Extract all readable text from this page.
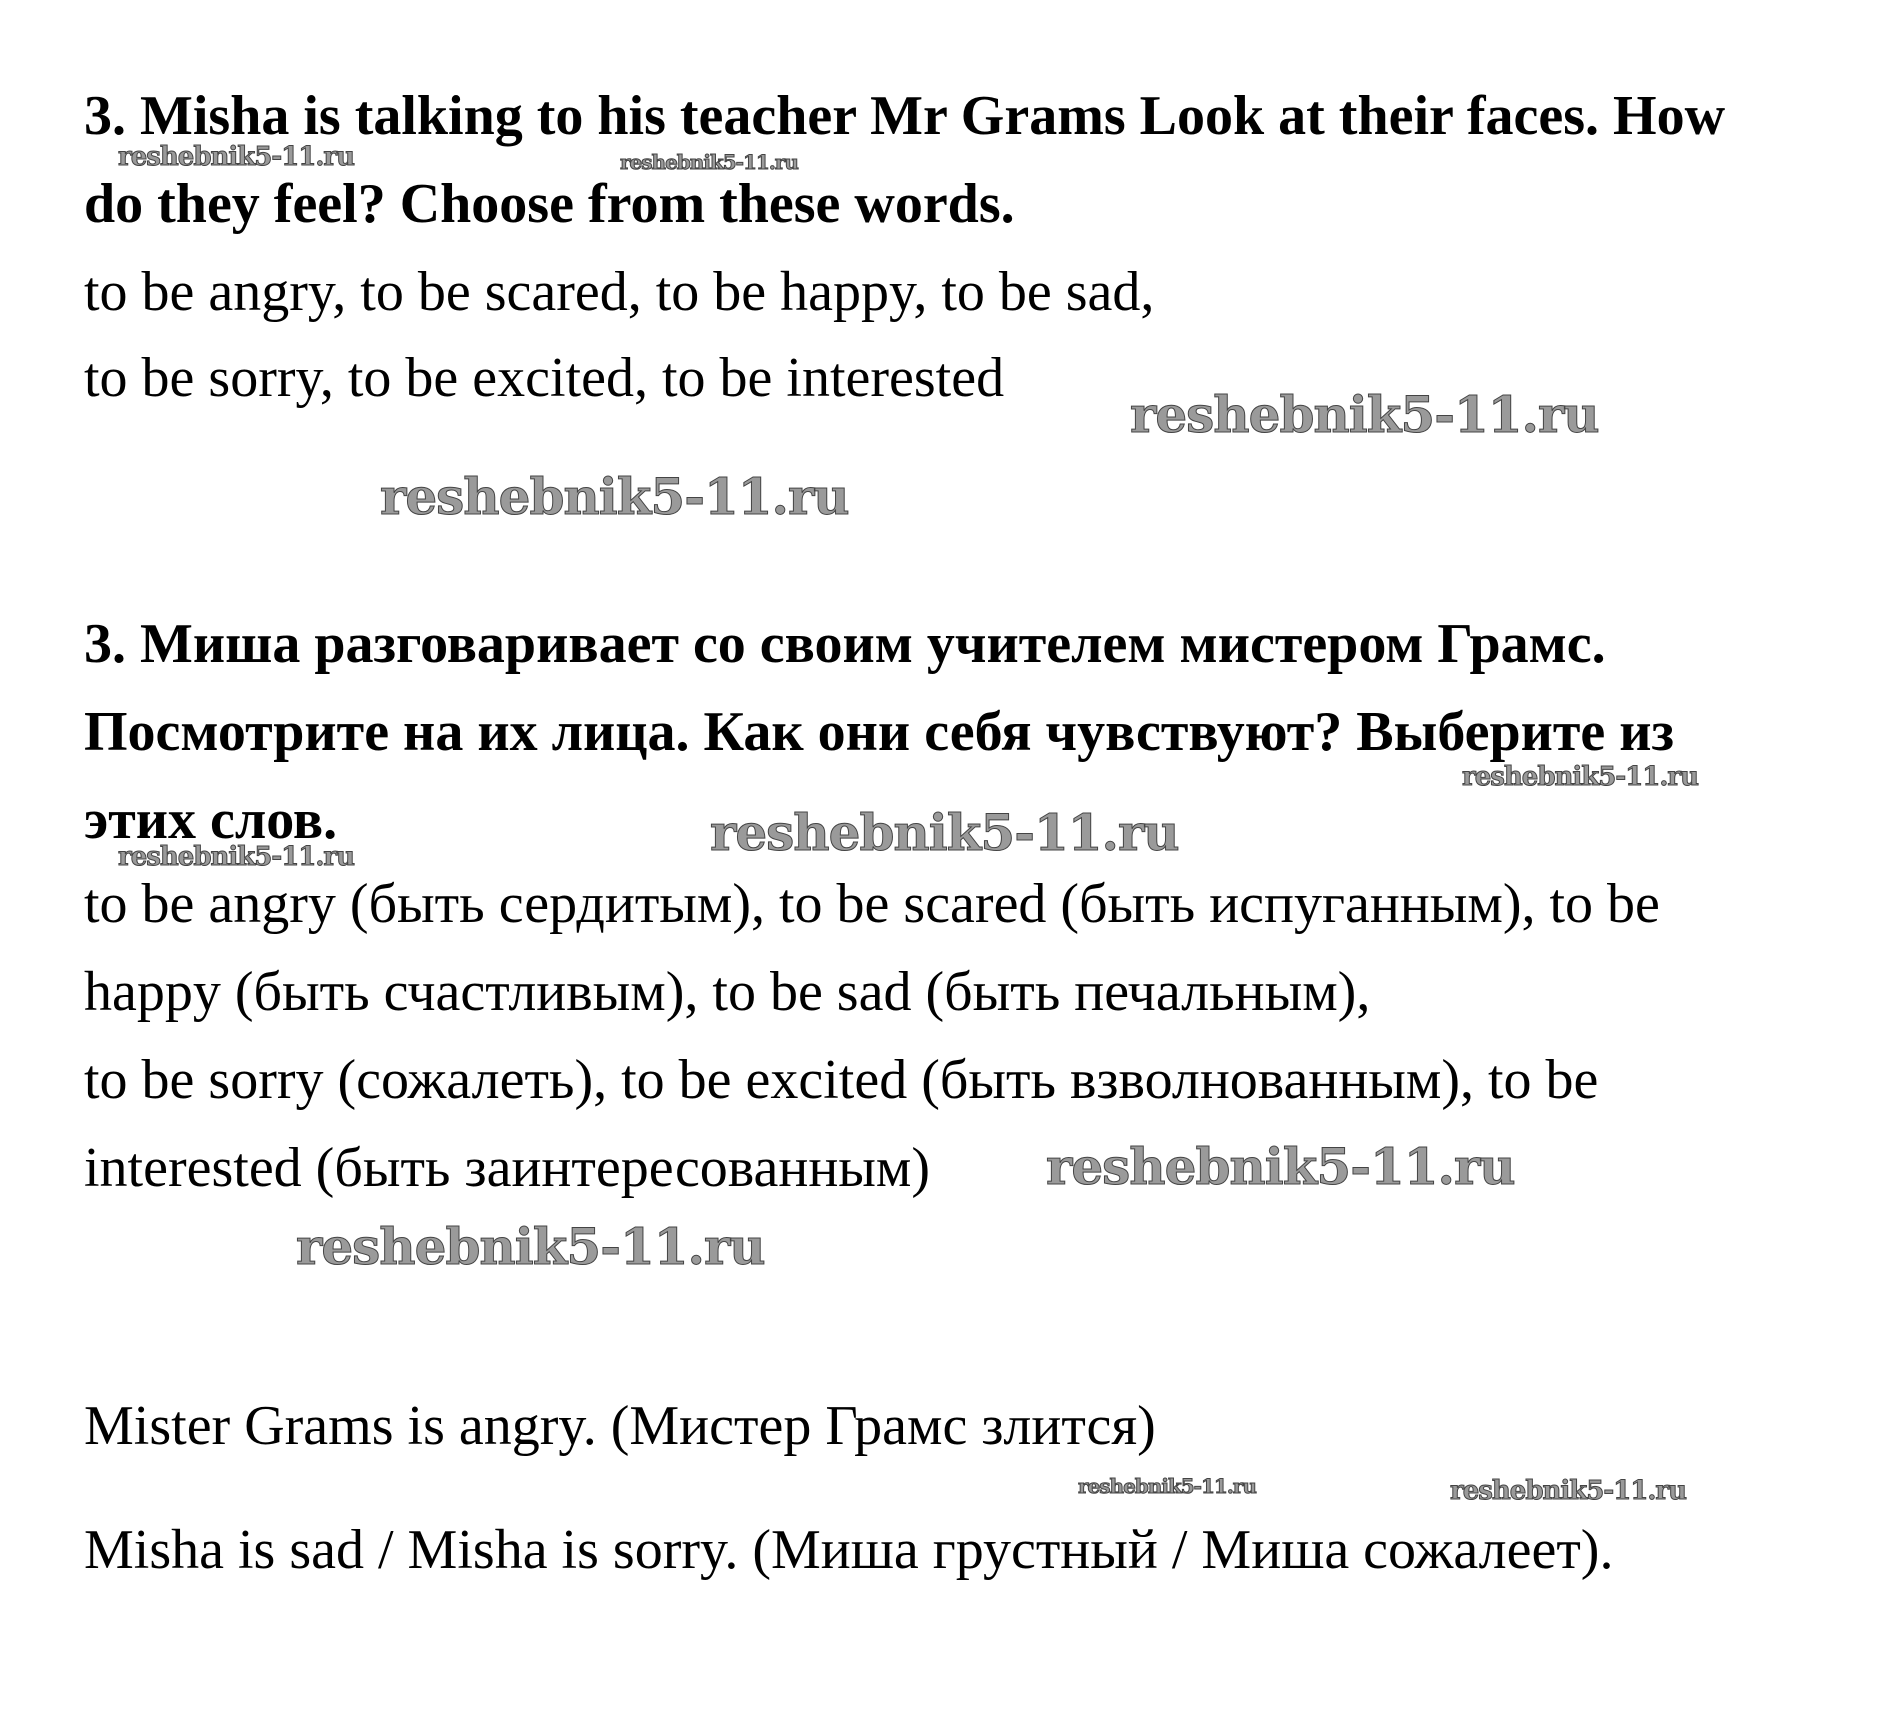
3. Misha is talking to his teacher Mr Grams Look at their faces. How
do they feel? Choose from these words.
to be angry, to be scared, to be happy, to be sad,
to be sorry, to be excited, to be interested
3. Миша разговаривает со своим учителем мистером Грамс.
Посмотрите на их лица. Как они себя чувствуют? Выберите из
этих слов.
to be angry (быть сердитым), to be scared (быть испуганным), to be
happy (быть счастливым), to be sad (быть печальным),
to be sorry (сожалеть), to be excited (быть взволнованным), to be
interested (быть заинтересованным)
Mister Grams is angry. (Мистер Грамс злится)
Misha is sad / Misha is sorry. (Миша грустный / Миша сожалеет).
reshebnik5-11.ru	reshebnik5-11.ru
reshebnik5-11.ru
reshebnik5-11.ru
reshebnik5-11.ru
reshebnik5-11.ru
reshebnik5-11.ru
reshebnik5-11.ru
reshebnik5-11.ru
reshebnik5-11.ru	reshebnik5-11.ru
